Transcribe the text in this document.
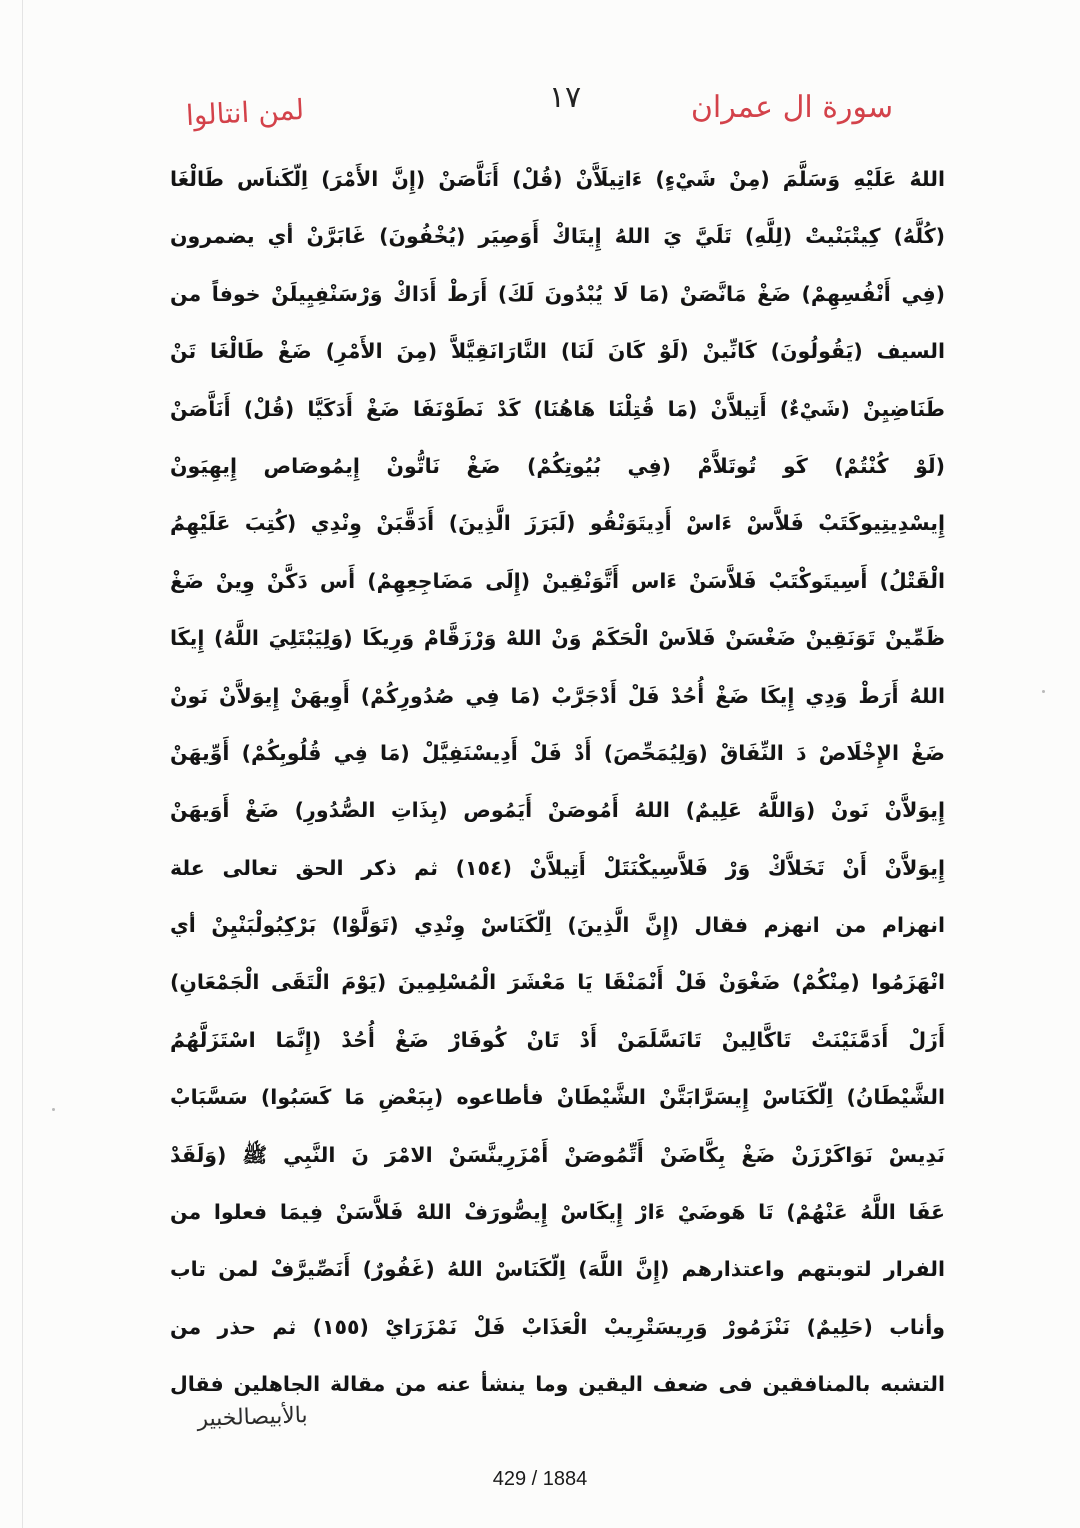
لمن انتالوا	١٧	سورة ال عمران
اللهُ عَلَيْهِ وَسَلَّمَ (مِنْ شَيْءٍ) ءَاتِيلَاَّنْ (قُلْ) أَنَاَّصَنْ (إِنَّ الأَمْرَ) اِلّكَناَس طَالْغَا
(كُلَّهُ) كِيتْبَنْيتْ (لِلَّهِ) تَلَيَّ يَ اللهُ إِيتَاكْ أَوَصِيَر (يُخْفُونَ) غَابَرَّنْ أي يضمرون
(فِي أَنْفُسِهِمْ) ضَغْ مَانَّصَنْ (مَا لَا يُبْدُونَ لَكَ) أَرَطْ أَدَاكْ وَرْسَنْفِيِيلَنْ خوفاً من
السيف (يَقُولُونَ) كَانِّينْ (لَوْ كَانَ لَنَا) النَّارَانَقِيَّلاَّ (مِنَ الأَمْرِ) ضَغْ طَالْغَا تَنْ
طَنَاضِيِنْ (شَيْءٌ) أَتِيلاَّنْ (مَا قُتِلْنَا هَاهُنَا) كَدْ نَطَوْنَفَا ضَغْ أَدَكَيَّا (قُلْ) أَنَاَّصَنْ
(لَوْ كُنْتُمْ) كَو تُوتَلاَّمْ (فِي بُيُوتِكُمْ) ضَغْ نَاتُّونْ إِيمُوصَاص إِيهِيَونْ
إِيسْدِيتِيوكَتَبْ فَلاَّسْ ءَاسْ أَدِيتَوَنْقُو (لَبَرَزَ الَّذِينَ) أَدَقَّبَنْ وِنْدِي (كُتِبَ عَلَيْهِمُ
الْقَتْلُ) أَسِيتَوكْتَبْ فَلاَّسَنْ ءَاس أَتَّوَنْقِينْ (إِلَى مَضَاجِعِهِمْ) أَس دَكَّنْ وِينْ ضَغْ
ظَمِّينْ تَوَنَقِينْ ضَغْسَنْ فَلاَسْ الْحَكَمْ وَنْ اللهْ وَرْزَقَّامْ وَرِيكَا (وَلِيَبْتَلِيَ اللَّهُ) إِيكَا
اللهُ أَرَطْ وَدِي إِيكَا ضَغْ أُحُدْ فَلْ أَدْجَرَّبْ (مَا فِي صُدُورِكُمْ) أَوِيهَنْ إِيوَلاَّنْ نَونْ
ضَغْ الإِخْلَاصْ دَ النِّفَاقْ (وَلِيُمَحِّصَ) أَدْ فَلْ أَدِيسْنَفِيَّلْ (مَا فِي قُلُوبِكُمْ) أَوِّيهَنْ
إِيوَلاَّنْ نَونْ (وَاللَّهُ عَلِيمٌ) اللهُ أَمُوصَنْ أَيَمُوص (بِذَاتِ الصُّدُورِ) ضَغْ أَوَيهَنْ
إِيوَلاَّنْ أَنْ تَخَلاَّكْ وَرْ فَلاَّسِيكْنَتَلْ أَتِيلاَّنْ (١٥٤) ثم ذكر الحق تعالى علة
انهزام من انهزم فقال (إِنَّ الَّذِينَ) اِلّكَنَاسْ وِنْدِي (تَوَلَّوْا) بَرْكِبُولْبَنْيِنْ أي
انْهَزَمُوا (مِنْكُمْ) ضَغْوَنْ فَلْ أَنْمَنْقَا يَا مَعْشَرَ الْمُسْلِمِينَ (يَوْمَ الْتَقَى الْجَمْعَانِ)
أَزَلْ أَدَمَّنَيْنَتْ تَاكَّالِينْ تَانَسَّلَمَنْ أَدْ تَانْ كُوفَارْ ضَغْ أُحُدْ (إِنَّمَا اسْتَزَلَّهُمُ
الشَّيْطَانُ) اِلّكَنَاسْ إِيسَرَّابَتَّنْ الشَّيْطَانْ فأطاعوه (بِبَعْضِ مَا كَسَبُوا) سَسَّبَابْ
نَدِيسْ نَوَاكَرْزَنْ ضَغْ بِكَّاضَنْ أَتِّمُوصَنْ أَمْزَرِينَّسَنْ الامْرَ نَ النَّبِي ﷺ (وَلَقَدْ
عَفَا اللَّهُ عَنْهُمْ) تَا هَوضَيْ ءَارْ إِيكَاسْ إِيصُّورَفْ اللهْ فَلاَّسَنْ فِيمَا فعلوا من
الفرار لتوبتهم واعتذارهم (إِنَّ اللَّهَ) اِلّكَنَاسْ اللهُ (غَفُورٌ) أَنَصِّيرَّفْ لمن تاب
وأناب (حَلِيمٌ) نَنْزَمُورْ وَرِيسَتْرِيبْ الْعَذَابْ فَلْ نَمْزَرَايْ (١٥٥) ثم حذر من
التشبه بالمنافقين فى ضعف اليقين وما ينشأ عنه من مقالة الجاهلين فقال
بالأبيصالخبير
429 / 1884
